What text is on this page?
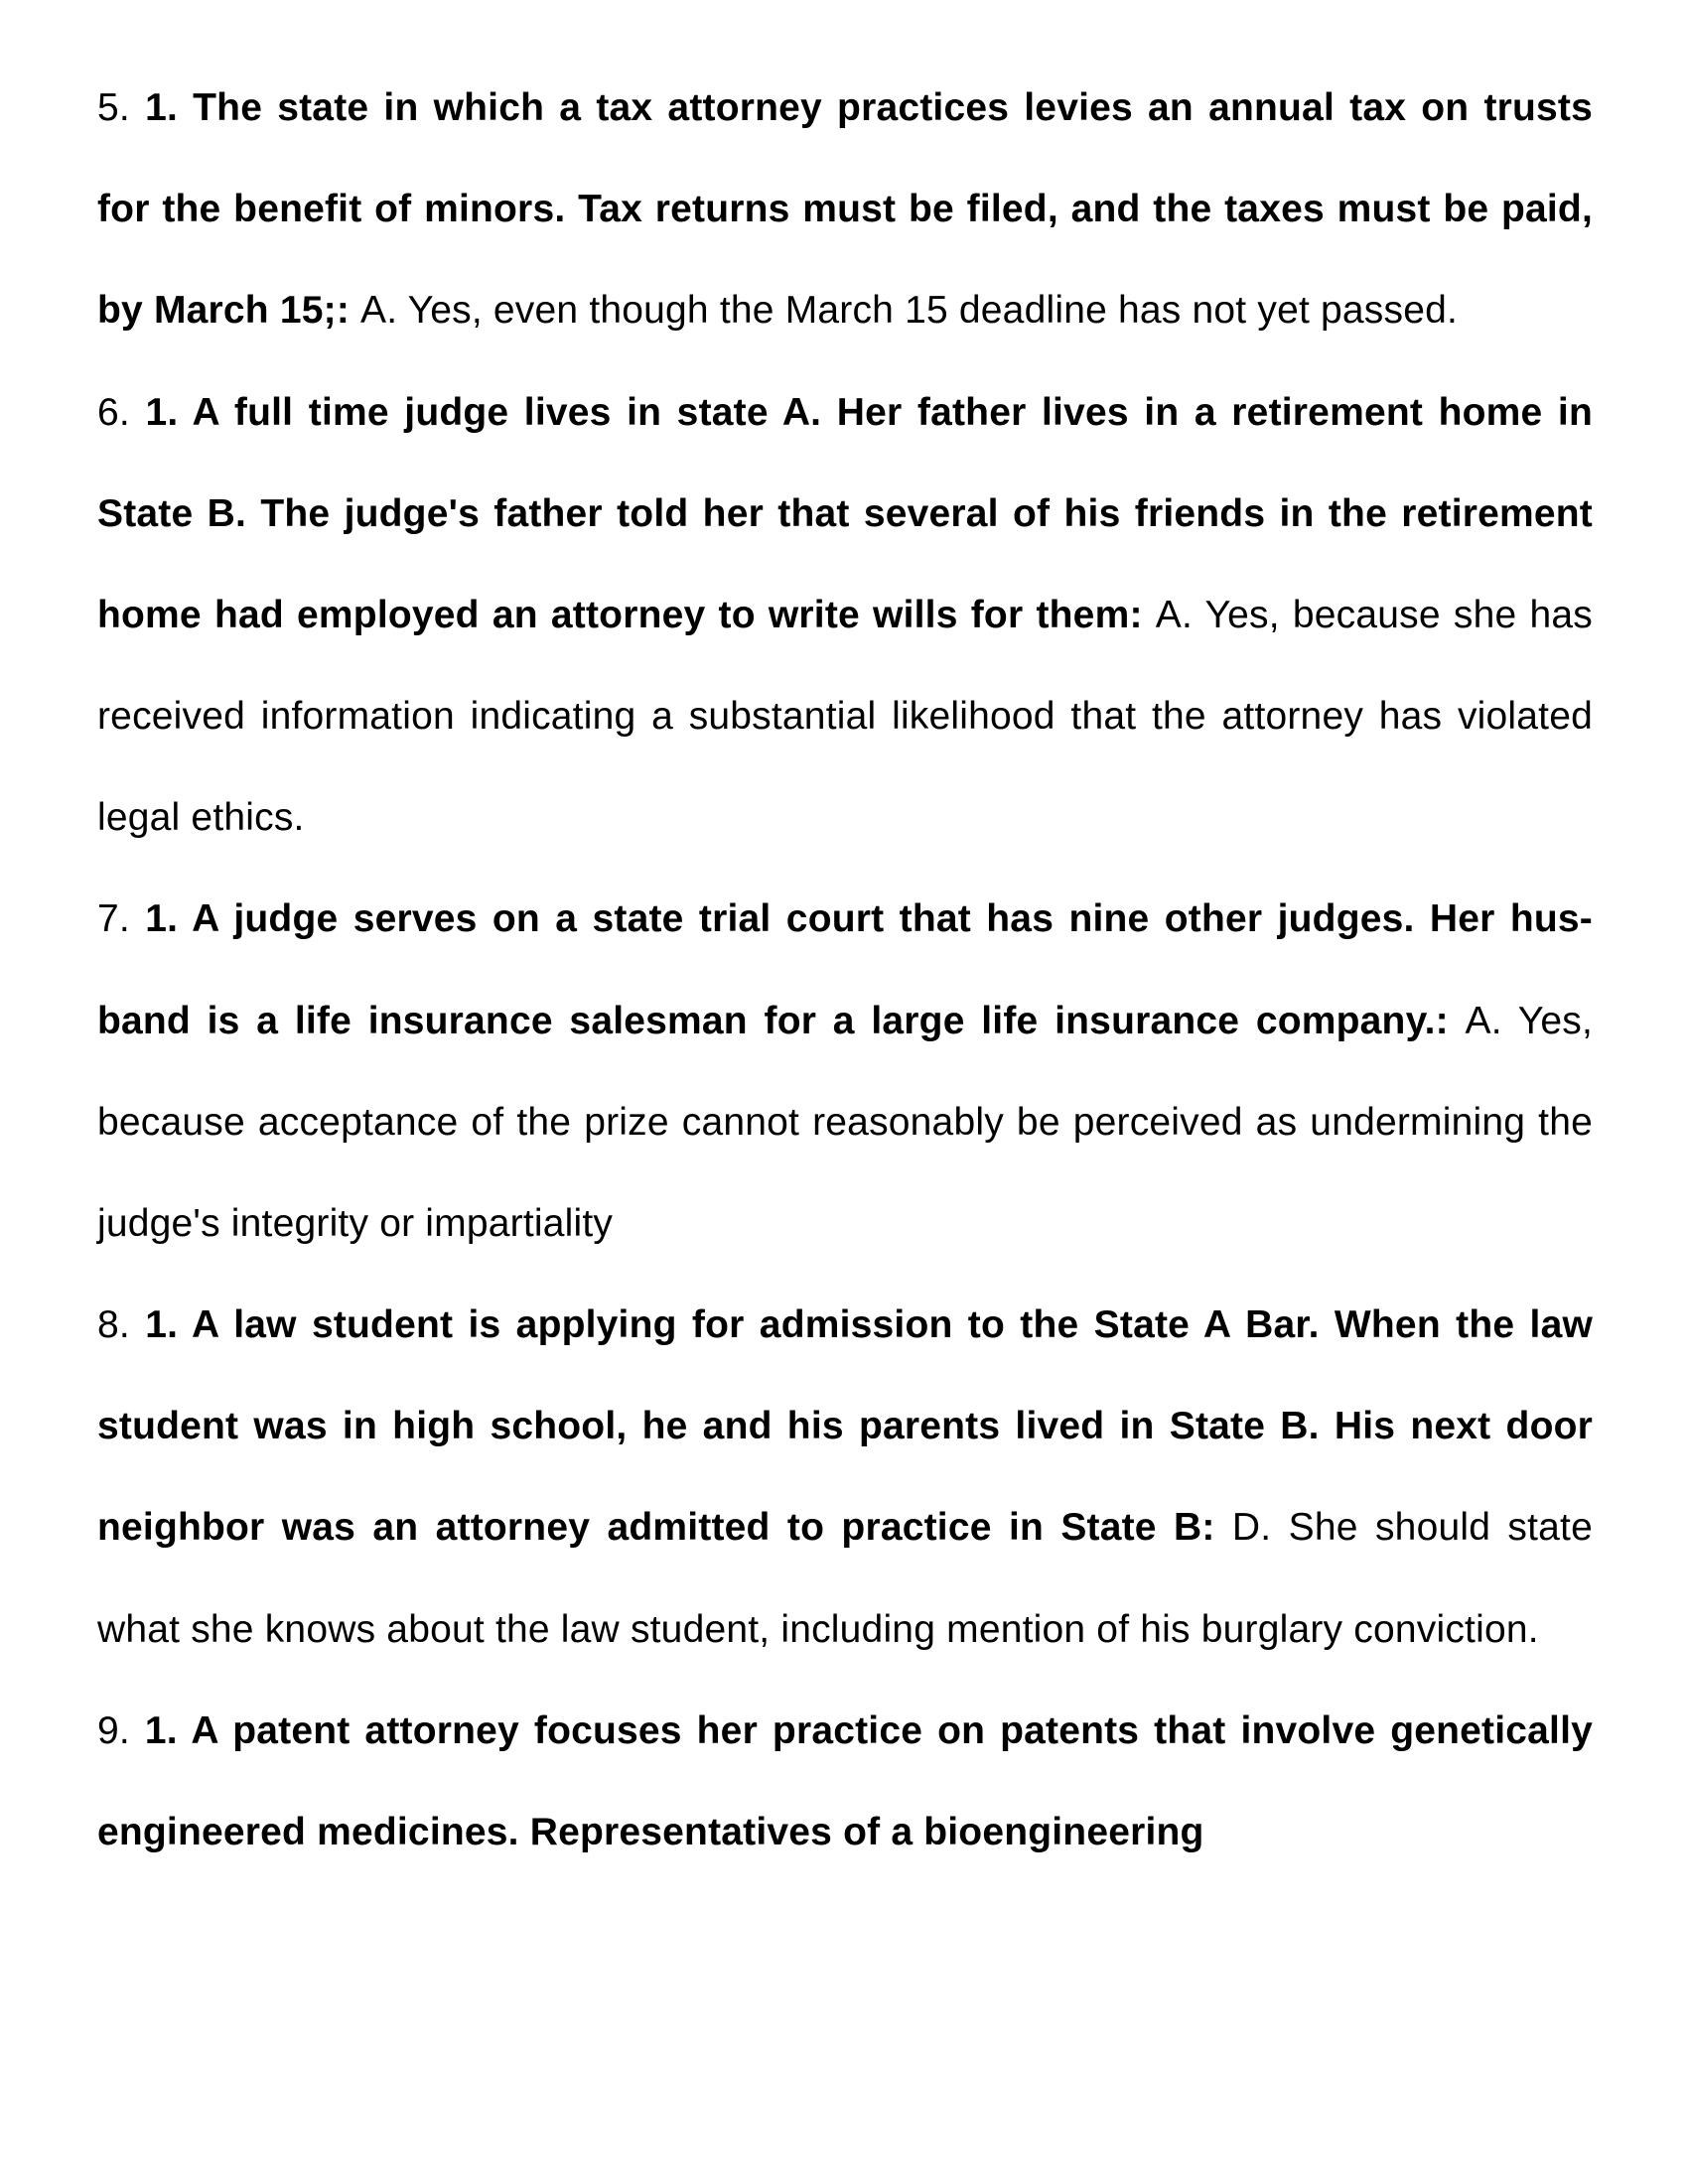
5. 1. The state in which a tax attorney practices levies an annual tax on trusts for the benefit of minors. Tax returns must be filed, and the taxes must be paid, by March 15;: A. Yes, even though the March 15 deadline has not yet passed.

6. 1. A full time judge lives in state A. Her father lives in a retirement home in State B. The judge's father told her that several of his friends in the retirement home had employed an attorney to write wills for them: A. Yes, because she has received information indicating a substantial likelihood that the attorney has violated legal ethics.

7. 1. A judge serves on a state trial court that has nine other judges. Her hus- band is a life insurance salesman for a large life insurance company.: A. Yes, because acceptance of the prize cannot reasonably be perceived as undermining the judge's integrity or impartiality

8. 1. A law student is applying for admission to the State A Bar. When the law student was in high school, he and his parents lived in State B. His next door neighbor was an attorney admitted to practice in State B: D. She should state what she knows about the law student, including mention of his burglary conviction.

9. 1. A patent attorney focuses her practice on patents that involve genetically engineered medicines. Representatives of a bioengineering
